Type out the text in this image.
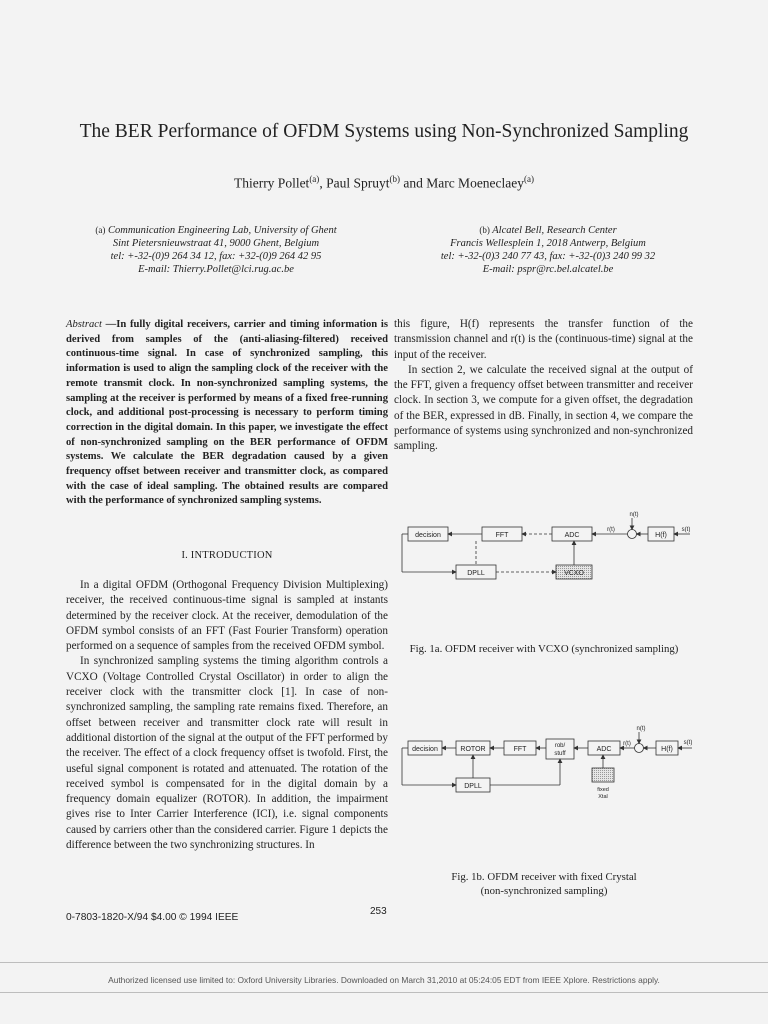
The BER Performance of OFDM Systems using Non-Synchronized Sampling
Thierry Pollet$^{(a)}$, Paul Spruyt$^{(b)}$ and Marc Moeneclaey$^{(a)}$
(a) Communication Engineering Lab, University of Ghent
Sint Pietersnieuwstraat 41, 9000 Ghent, Belgium
tel: +-32-(0)9 264 34 12, fax: +32-(0)9 264 42 95
E-mail: Thierry.Pollet@lci.rug.ac.be
(b) Alcatel Bell, Research Center
Francis Wellesplein 1, 2018 Antwerp, Belgium
tel: +-32-(0)3 240 77 43, fax: +-32-(0)3 240 99 32
E-mail: pspr@rc.bel.alcatel.be

Abstract —In fully digital receivers, carrier and timing information is derived from samples of the (anti-aliasing-filtered) received continuous-time signal. In case of synchronized sampling, this information is used to align the sampling clock of the receiver with the remote transmit clock. In non-synchronized sampling systems, the sampling at the receiver is performed by means of a fixed free-running clock, and additional post-processing is necessary to perform timing correction in the digital domain. In this paper, we investigate the effect of non-synchronized sampling on the BER performance of OFDM systems. We calculate the BER degradation caused by a given frequency offset between receiver and transmitter clock, as compared with the case of ideal sampling. The obtained results are compared with the performance of synchronized sampling systems.

I. INTRODUCTION

In a digital OFDM (Orthogonal Frequency Division Multiplexing) receiver, the received continuous-time signal is sampled at instants determined by the receiver clock. At the receiver, demodulation of the OFDM symbol consists of an FFT (Fast Fourier Transform) operation performed on a sequence of samples from the received OFDM symbol.

In synchronized sampling systems the timing algorithm controls a VCXO (Voltage Controlled Crystal Oscillator) in order to align the receiver clock with the transmitter clock [1]. In case of non-synchronized sampling, the sampling rate remains fixed. Therefore, an offset between receiver and transmitter clock rate will result in additional distortion of the signal at the output of the FFT performed by the receiver. The effect of a clock frequency offset is twofold. First, the useful signal component is rotated and attenuated. The rotation of the received symbol is compensated for in the digital domain by a frequency domain equalizer (ROTOR). In addition, the impairment gives rise to Inter Carrier Interference (ICI), i.e. signal components caused by carriers other than the considered carrier. Figure 1 depicts the difference between the two synchronizing structures. In

this figure, H(f) represents the transfer function of the transmission channel and r(t) is the (continuous-time) signal at the input of the receiver.

In section 2, we calculate the received signal at the output of the FFT, given a frequency offset between transmitter and receiver clock. In section 3, we compute for a given offset, the degradation of the BER, expressed in dB. Finally, in section 4, we compare the performance of systems using synchronized and non-synchronized sampling.

decision	FFT	ADC
DPLL	VCXO
H(f)
r(t)
n(t)
s(t)
Fig. 1a. OFDM receiver with VCXO (synchronized sampling)
decision	ROTOR	FFT	rob/
stuff
ADC
DPLL	fixed
Xtal
H(f)
r(t)
n(t)
s(t)
Fig. 1b. OFDM receiver with fixed Crystal
(non-synchronized sampling)
0-7803-1820-X/94 $4.00 © 1994 IEEE
253
Authorized licensed use limited to: Oxford University Libraries. Downloaded on March 31,2010 at 05:24:05 EDT from IEEE Xplore. Restrictions apply.
